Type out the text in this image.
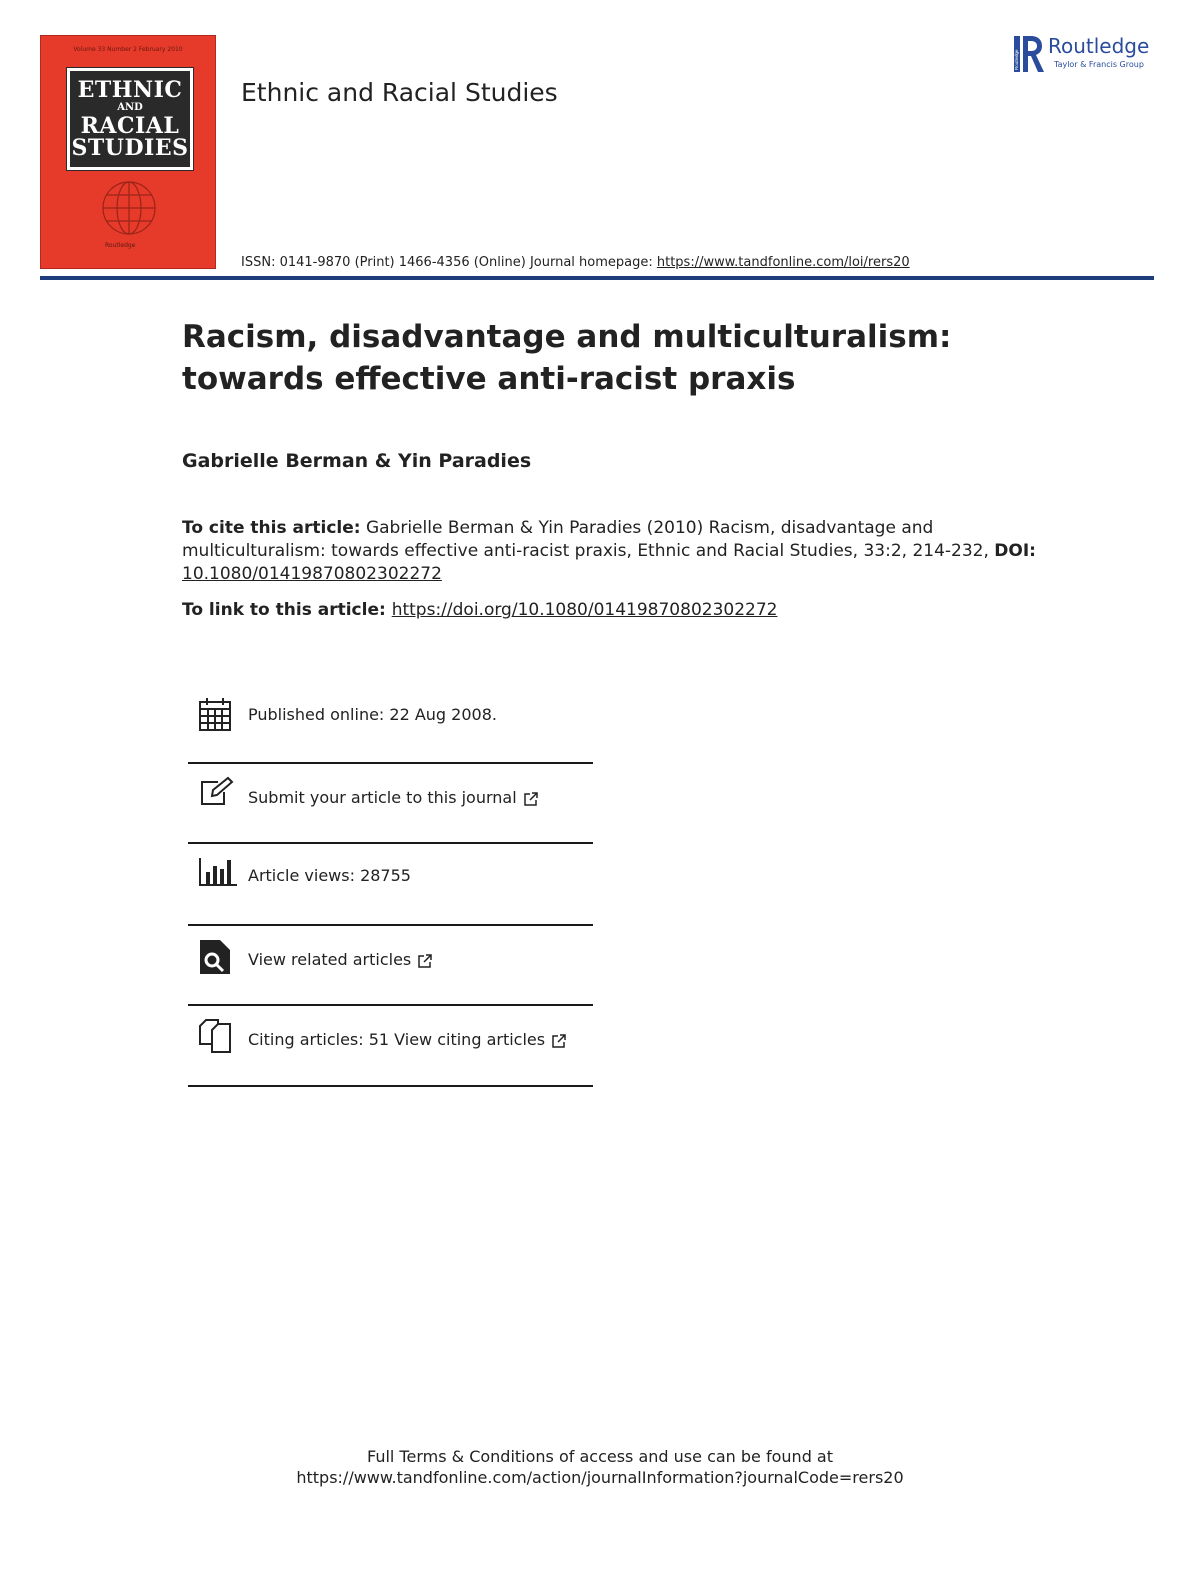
Volume 33 Number 2 February 2010
ETHNIC
AND
RACIAL
STUDIES
Routledge
Ethnic and Racial Studies
Routledge
Routledge
Taylor & Francis Group
ISSN: 0141-9870 (Print) 1466-4356 (Online) Journal homepage: https://www.tandfonline.com/loi/rers20
Racism, disadvantage and multiculturalism:
towards effective anti-racist praxis
Gabrielle Berman & Yin Paradies
To cite this article: Gabrielle Berman & Yin Paradies (2010) Racism, disadvantage and multiculturalism: towards effective anti-racist praxis, Ethnic and Racial Studies, 33:2, 214-232, DOI: 10.1080/01419870802302272
To link to this article: https://doi.org/10.1080/01419870802302272
Published online: 22 Aug 2008.
Submit your article to this journal
Article views: 28755
View related articles
Citing articles: 51 View citing articles
Full Terms & Conditions of access and use can be found at
https://www.tandfonline.com/action/journalInformation?journalCode=rers20
